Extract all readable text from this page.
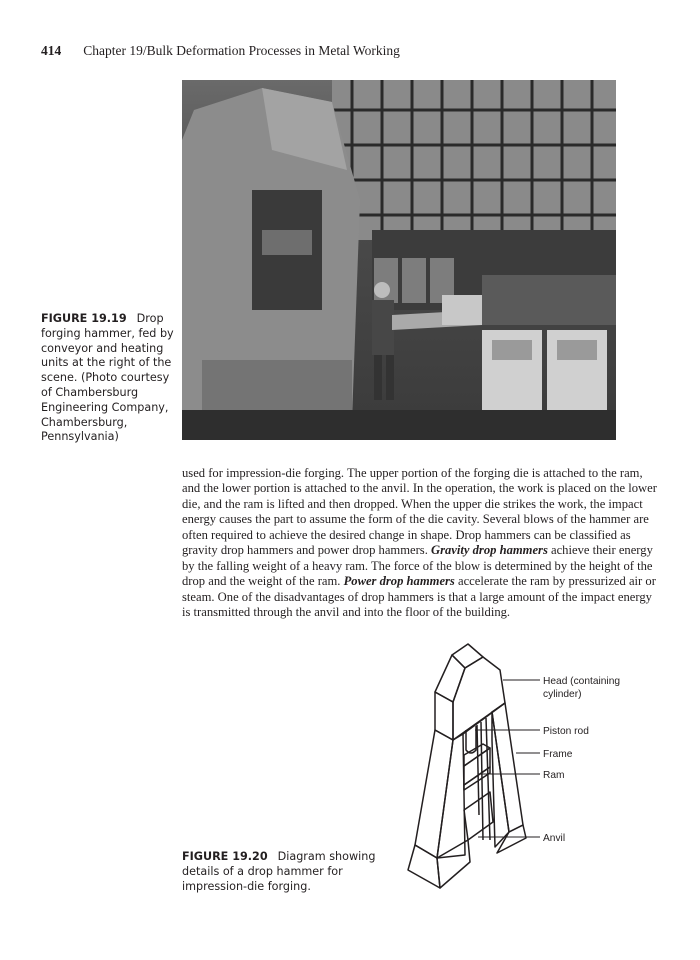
414 Chapter 19/Bulk Deformation Processes in Metal Working
FIGURE 19.19 Drop forging hammer, fed by conveyor and heating units at the right of the scene. (Photo courtesy of Chambersburg Engineering Company, Chambersburg, Pennsylvania)
used for impression-die forging. The upper portion of the forging die is attached to the ram,
and the lower portion is attached to the anvil. In the operation, the work is placed on the lower
die, and the ram is lifted and then dropped. When the upper die strikes the work, the impact
energy causes the part to assume the form of the die cavity. Several blows of the hammer are
often required to achieve the desired change in shape. Drop hammers can be classified as
gravity drop hammers and power drop hammers. Gravity drop hammers achieve their energy
by the falling weight of a heavy ram. The force of the blow is determined by the height of the
drop and the weight of the ram. Power drop hammers accelerate the ram by pressurized air or
steam. One of the disadvantages of drop hammers is that a large amount of the impact energy
is transmitted through the anvil and into the floor of the building.
Head (containing
cylinder)
Piston rod
Frame
Ram
Anvil
FIGURE 19.20 Diagram showing details of a drop hammer for impression-die forging.
